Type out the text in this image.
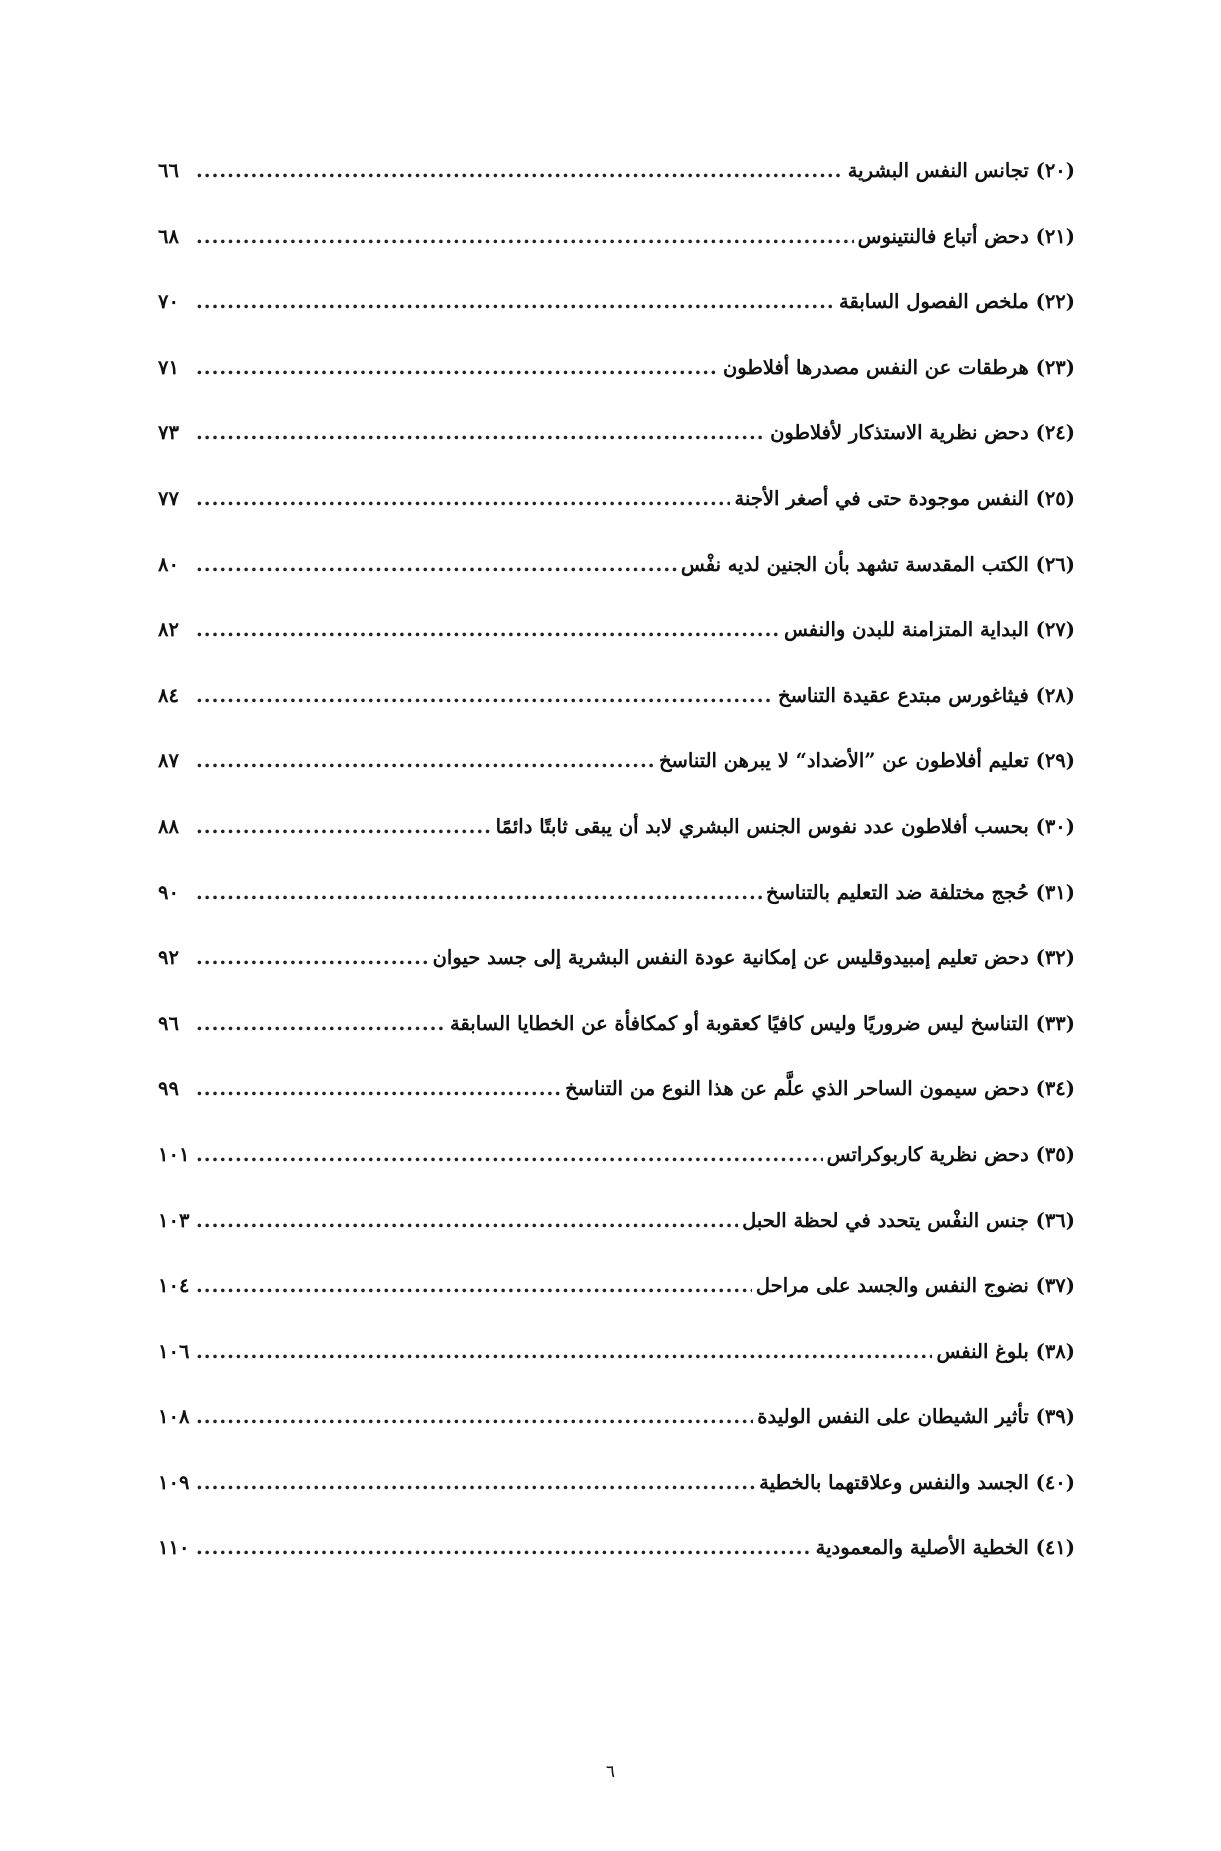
(٢٠) تجانس النفس البشرية
.....
٦٦
(٢١) دحض أتباع فالنتينوس
.....
٦٨
(٢٢) ملخص الفصول السابقة
.....
٧٠
(٢٣) هرطقات عن النفس مصدرها أفلاطون
.....
٧١
(٢٤) دحض نظرية الاستذكار لأفلاطون
.....
٧٣
(٢٥) النفس موجودة حتى في أصغر الأجنة
.....
٧٧
(٢٦) الكتب المقدسة تشهد بأن الجنين لديه نفْس
.....
٨٠
(٢٧) البداية المتزامنة للبدن والنفس
.....
٨٢
(٢٨) فيثاغورس مبتدع عقيدة التناسخ
.....
٨٤
(٢٩) تعليم أفلاطون عن ”الأضداد“ لا يبرهن التناسخ
.....
٨٧
(٣٠) بحسب أفلاطون عدد نفوس الجنس البشري لابد أن يبقى ثابتًا دائمًا
.....
٨٨
(٣١) حُجج مختلفة ضد التعليم بالتناسخ
.....
٩٠
(٣٢) دحض تعليم إمبيدوقليس عن إمكانية عودة النفس البشرية إلى جسد حيوان
.....
٩٢
(٣٣) التناسخ ليس ضروريًا وليس كافيًا كعقوبة أو كمكافأة عن الخطايا السابقة
.....
٩٦
(٣٤) دحض سيمون الساحر الذي علَّم عن هذا النوع من التناسخ
.....
٩٩
(٣٥) دحض نظرية كاربوكراتس
.....
١٠١
(٣٦) جنس النفْس يتحدد في لحظة الحبل
.....
١٠٣
(٣٧) نضوج النفس والجسد على مراحل
.....
١٠٤
(٣٨) بلوغ النفس
.....
١٠٦
(٣٩) تأثير الشيطان على النفس الوليدة
.....
١٠٨
(٤٠) الجسد والنفس وعلاقتهما بالخطية
.....
١٠٩
(٤١) الخطية الأصلية والمعمودية
.....
١١٠
٦
